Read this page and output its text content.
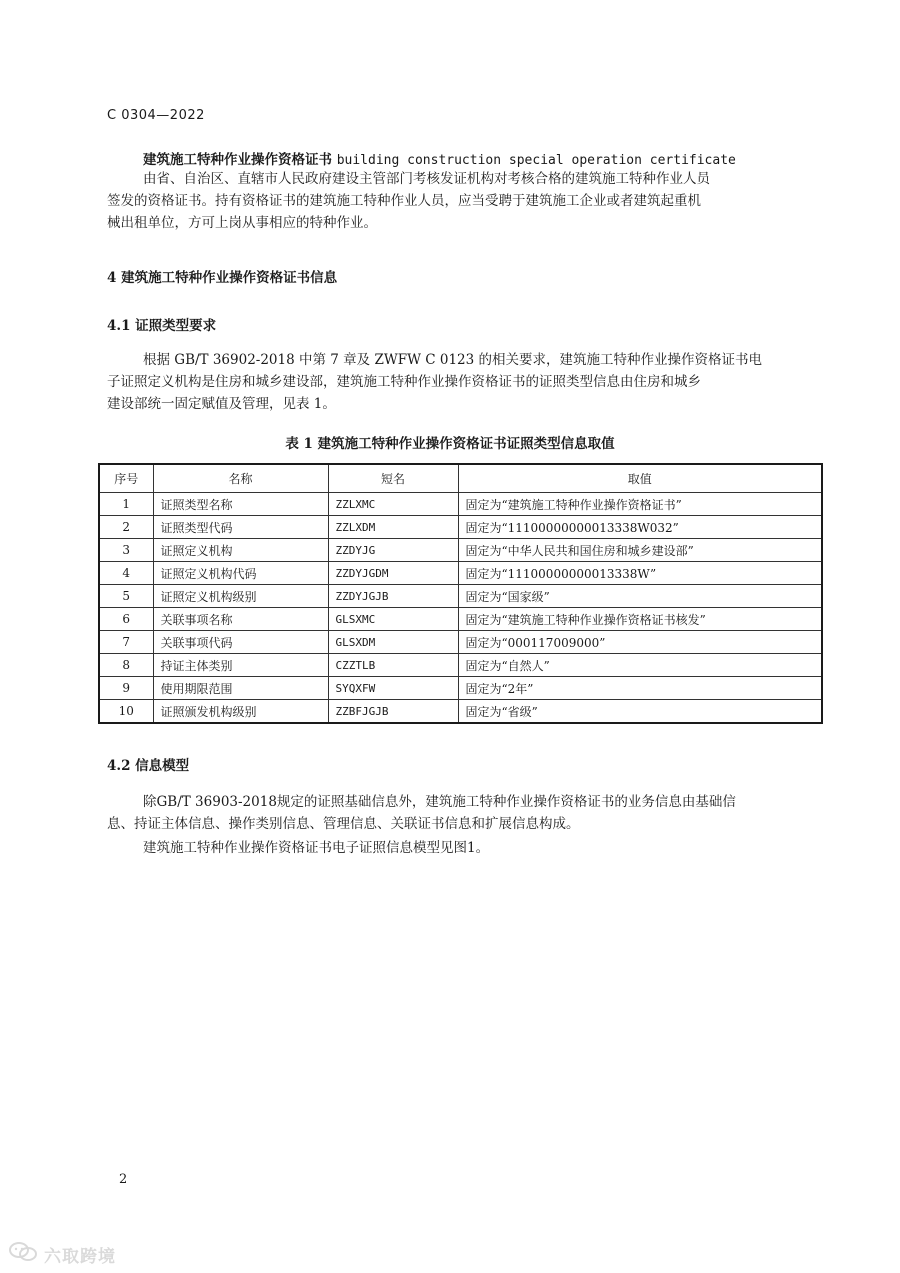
C 0304—2022
建筑施工特种作业操作资格证书 building construction special operation certificate
由省、自治区、直辖市人民政府建设主管部门考核发证机构对考核合格的建筑施工特种作业人员
签发的资格证书。持有资格证书的建筑施工特种作业人员，应当受聘于建筑施工企业或者建筑起重机
械出租单位，方可上岗从事相应的特种作业。
4 建筑施工特种作业操作资格证书信息
4.1 证照类型要求
根据 GB/T 36902-2018 中第 7 章及 ZWFW C 0123 的相关要求，建筑施工特种作业操作资格证书电
子证照定义机构是住房和城乡建设部，建筑施工特种作业操作资格证书的证照类型信息由住房和城乡
建设部统一固定赋值及管理，见表 1。
表 1 建筑施工特种作业操作资格证书证照类型信息取值
序号	名称	短名	取值
1	证照类型名称	ZZLXMC	固定为“建筑施工特种作业操作资格证书”
2	证照类型代码	ZZLXDM	固定为“11100000000013338W032”
3	证照定义机构	ZZDYJG	固定为“中华人民共和国住房和城乡建设部”
4	证照定义机构代码	ZZDYJGDM	固定为“11100000000013338W”
5	证照定义机构级别	ZZDYJGJB	固定为“国家级”
6	关联事项名称	GLSXMC	固定为“建筑施工特种作业操作资格证书核发”
7	关联事项代码	GLSXDM	固定为“000117009000”
8	持证主体类别	CZZTLB	固定为“自然人”
9	使用期限范围	SYQXFW	固定为“2年”
10	证照颁发机构级别	ZZBFJGJB	固定为“省级”
4.2 信息模型
除GB/T 36903-2018规定的证照基础信息外，建筑施工特种作业操作资格证书的业务信息由基础信
息、持证主体信息、操作类别信息、管理信息、关联证书信息和扩展信息构成。
建筑施工特种作业操作资格证书电子证照信息模型见图1。
2
六取跨境
